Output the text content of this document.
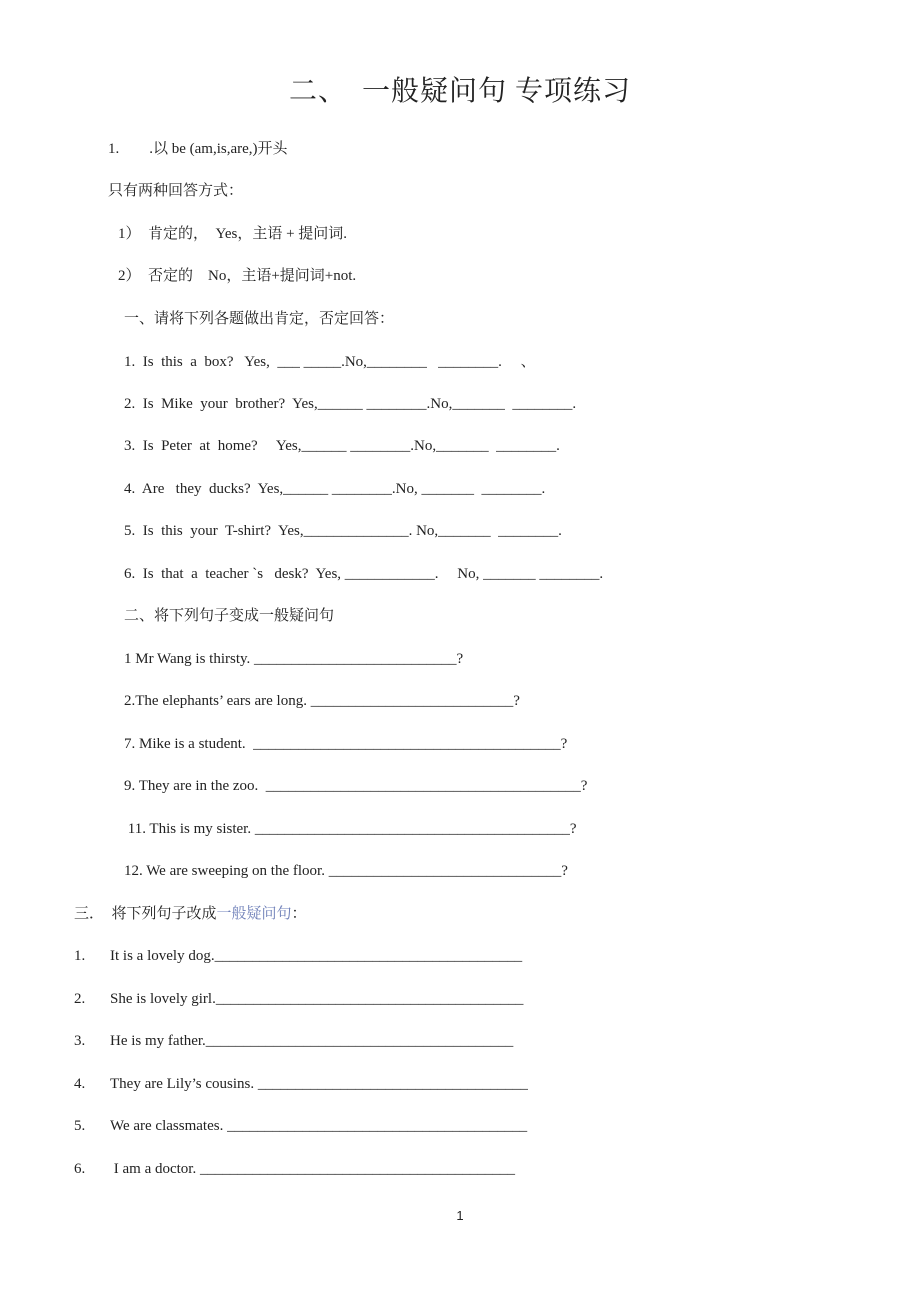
二、　一般疑问句 专项练习
1.　　.以 be (am,is,are,)开头
只有两种回答方式：
1）  肯定的，  Yes，主语 + 提问词.
2）  否定的    No，主语+提问词+not.
一、请将下列各题做出肯定，否定回答：
1.  Is  this  a  box?   Yes,  ___ _____.No,________   ________.     、
2.  Is  Mike  your  brother?  Yes,______ ________.No,_______  ________.
3.  Is  Peter  at  home?     Yes,______ ________.No,_______  ________.
4.  Are   they  ducks?  Yes,______ ________.No, _______  ________.
5.  Is  this  your  T-shirt?  Yes,______________. No,_______  ________.
6.  Is  that  a  teacher `s   desk?  Yes, ____________.     No, _______ ________.
二、将下列句子变成一般疑问句
1 Mr Wang is thirsty. ___________________________?
2.The elephants’ ears are long. ___________________________?
7. Mike is a student.  _________________________________________?
9. They are in the zoo.  __________________________________________?
11. This is my sister. __________________________________________?
12. We are sweeping on the floor. _______________________________?
三．　将下列句子改成一般疑问句：
1. It is a lovely dog._________________________________________
2. She is lovely girl._________________________________________
3. He is my father._________________________________________
4. They are Lily’s cousins. ____________________________________
5. We are classmates. ________________________________________
6. I am a doctor. __________________________________________
1
